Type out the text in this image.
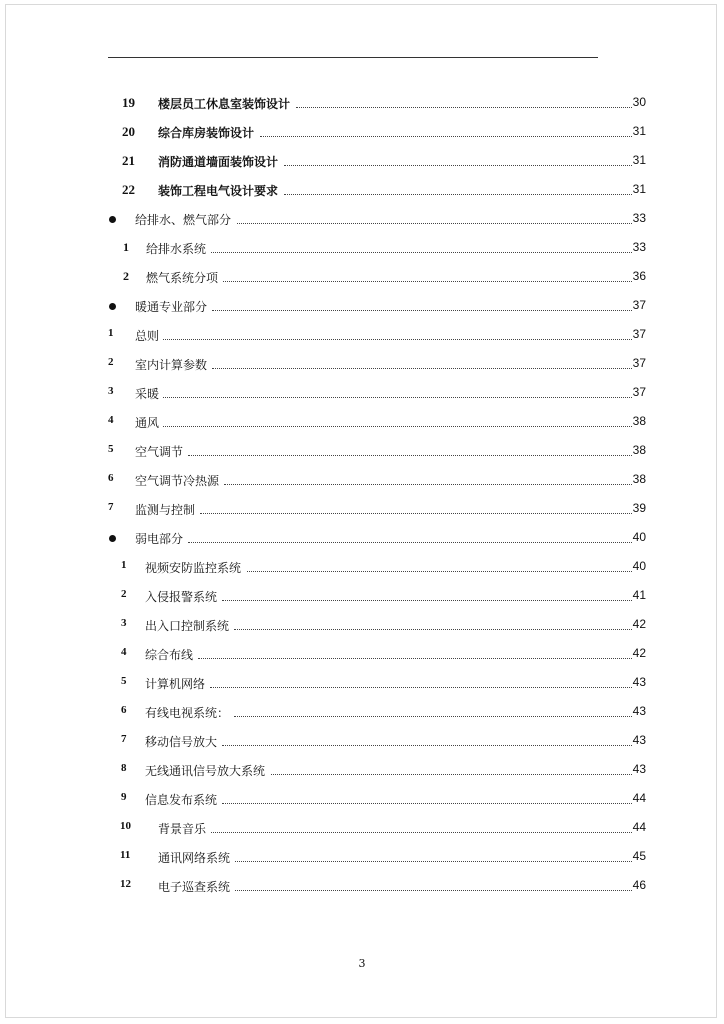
19 楼层员工休息室装饰设计	30
20 综合库房装饰设计	31
21 消防通道墙面装饰设计	31
22 装饰工程电气设计要求	31
给排水、燃气部分	33
1 给排水系统	33
2 燃气系统分项	36
暖通专业部分	37
1 总则	37
2 室内计算参数	37
3 采暖	37
4 通风	38
5 空气调节	38
6 空气调节冷热源	38
7 监测与控制	39
弱电部分	40
1 视频安防监控系统	40
2 入侵报警系统	41
3 出入口控制系统	42
4 综合布线	42
5 计算机网络	43
6 有线电视系统：	43
7 移动信号放大	43
8 无线通讯信号放大系统	43
9 信息发布系统	44
10 背景音乐	44
11 通讯网络系统	45
12 电子巡查系统	46
3
